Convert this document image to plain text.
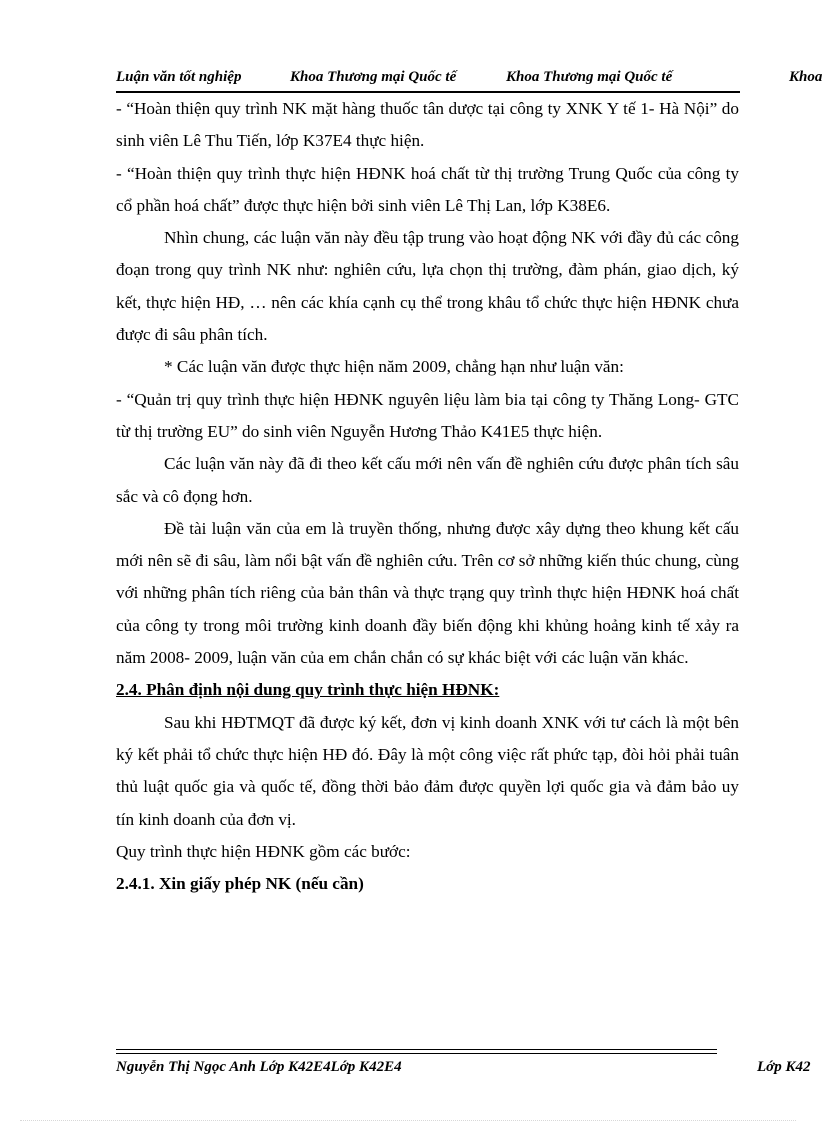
Luận văn tốt nghiệp	Khoa Thương mại Quốc tế	Khoa Thương mại Quốc tế	Khoa

- “Hoàn thiện quy trình NK mặt hàng thuốc tân dược tại công ty XNK Y tế 1- Hà Nội” do sinh viên Lê Thu Tiến, lớp K37E4 thực hiện.

- “Hoàn thiện quy trình thực hiện HĐNK hoá chất từ thị trường Trung Quốc của công ty cổ phần hoá chất” được thực hiện bởi sinh viên Lê Thị Lan, lớp K38E6.

Nhìn chung, các luận văn này đều tập trung vào hoạt động NK với đầy đủ các công đoạn trong quy trình NK như: nghiên cứu, lựa chọn thị trường, đàm phán, giao dịch, ký kết, thực hiện HĐ, … nên các khía cạnh cụ thể trong khâu tổ chức thực hiện HĐNK chưa được đi sâu phân tích.

* Các luận văn được thực hiện năm 2009, chẳng hạn như luận văn:

- “Quản trị quy trình thực hiện HĐNK nguyên liệu làm bia tại công ty Thăng Long- GTC từ thị trường EU” do sinh viên Nguyễn Hương Thảo K41E5 thực hiện.

Các luận văn này đã đi theo kết cấu mới nên vấn đề nghiên cứu được phân tích sâu sắc và cô đọng hơn.

Đề tài luận văn của em là truyền thống, nhưng được xây dựng theo khung kết cấu mới nên sẽ đi sâu, làm nổi bật vấn đề nghiên cứu. Trên cơ sở những kiến thúc chung, cùng với những phân tích riêng của bản thân và thực trạng quy trình thực hiện HĐNK hoá chất của công ty trong môi trường kinh doanh đầy biến động khi khủng hoảng kinh tế xảy ra năm 2008- 2009, luận văn của em chắn chắn có sự khác biệt với các luận văn khác.

2.4. Phân định nội dung quy trình thực hiện HĐNK:

Sau khi HĐTMQT đã được ký kết, đơn vị kinh doanh XNK với tư cách là một bên ký kết phải tổ chức thực hiện HĐ đó. Đây là một công việc rất phức tạp, đòi hỏi phải tuân thủ luật quốc gia và quốc tế, đồng thời bảo đảm được quyền lợi quốc gia và đảm bảo uy tín kinh doanh của đơn vị.

Quy trình thực hiện HĐNK gồm các bước:

2.4.1. Xin giấy phép NK (nếu cần)

Nguyễn Thị Ngọc Anh Lớp K42E4Lớp K42E4	Lớp K42
